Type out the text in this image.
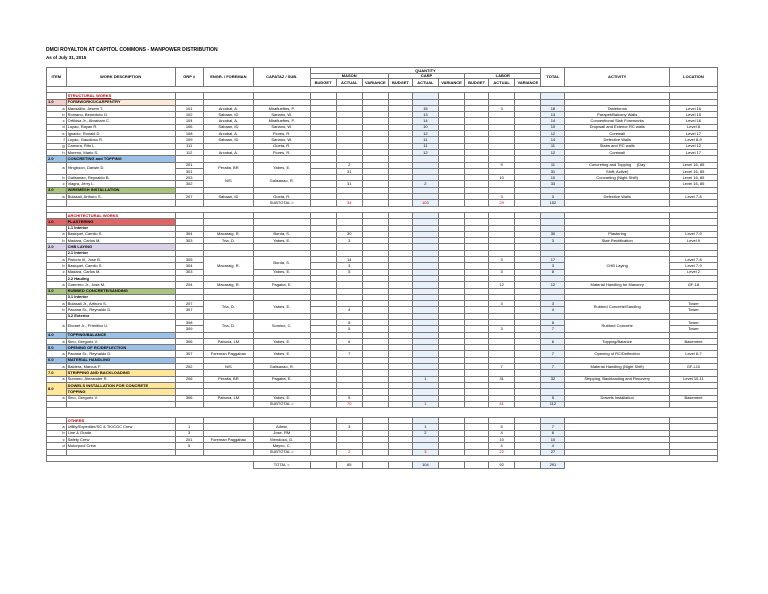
DMCI ROYALTON AT CAPITOL COMMONS - MANPOWER DISTRIBUTION
As of July 31, 2015
ITEM	WORK DESCRIPTION	GRP #	ENGR. / FOREMAN	CAPATAZ / SUB.	QUANTITY									TOTAL	ACTIVITY	LOCATION
					MASON			CARP			LABOR					
					BUDGET	ACTUAL	VARIANCE	BUDGET	ACTUAL	VARIANCE	BUDGET	ACTUAL	VARIANCE			

	STRUCTURAL WORKS															
1.0	FORMWORKS/CARPENTRY															
a	Mansalbo, Jesem T.	101	Arcobal, A.	Miraflueftes, P.					15			3		18	Tableforms	Level 16
b	Romano, Benedicto G.	102	Sabaan, ID	Sariano, W.					13					13	Parapet/Balcony Walls	Level 15
c	Orfilosa Jr., Abraham C.	104	Arcobal, A.	Miraflueftes, P.					14					14	Conventional Slab Formworks	Level 16
d	Luyao, Rayan R.	106	Sabaan, ID	Sariano, W.					10					10	Dropwall and Exterior RC walls	Level 8
e	Ignacio, Ronald D.	108	Arcobal, A.	Flores, R.					12					12	Corewall	Level 17
f	Luyao, Gaudioso R.	109	Sabaan, ID	Sariano, W.					11					14	Defective Walls	Level 8-9
g	Camora, Rito L.	111		Gueta, R.					11					11	Stairs and RC walls	Level 12
h	Moreno, Mario S.	112	Arcobal, A.	Flores, R.					12					12	Corewall	Level 17
2.0	CONCRETING and TOPPING															
a	Hingboon, Darwin D.	201	Peralta, BR	Yabes, E.		2						9		11	Concreting and Topping (Day	Level 16, 85
		301				31								31	Shift; Active)	Level 16, 85
b	Galisanao, Reynaldo B.	203	N/S	Galisanao, R.								10		10	Concreting (Night Shift)	Level 16, 85
c	Viagra, Jerry L.	302				31			2					33		Level 16, 85
3.0	WIREMESH INSTALLATION															
a	Bulasali, Arthuro S.	207	Sabaan, ID	Gueta, R.								3		3	Defective Walls	Level 7-8
				SUBTOTAL =		34			103			29		152		

	ARCHITECTURAL WORKS															
1.0	PLASTERING															
	1.1 Interior															
a	Basiquel, Camilo S.	304	Macaraig, R.	Borda, S.		30								30	Plastering	Level 7-9
b	Madara, Carlos M.	303	Tria, D.	Yabes, E.		3								3	Stair Rectification	Level 9
2.0	CHB LAYING															
	2.1 Interior															
a	Pistorio III, Jose B.	305	Macaraig, R.	Borda, S.		14						3		17	CHB Laying	Level 7-8
b	Basiquel, Camilo S.	304				3								3		Level 7-9
c	Madara, Carlos M.	303		Yabes, E.		5						3		8		Level 2
	2.2 Hauling															
a	Guerrero Jr., Jose M.	204	Macaraig, R.	Pagaba, E.								12		12	Material Handling for Masonry	GF-18
3.0	RUBBED CONCRETE/SANDING															
	3.1 Interior															
a	Bulasali Jr., Arthuro S.	207	Tria, D.	Yabes, E.								3		3	Rubbed Concrete/Sanding	Tower
b	Pacana Sr., Reynaldo D.	307				4								4		Tower
	3.2 Exterior															
a	Ebonet Jr., Primitivo U.	308	Tria, D.	Somino, C.		8								8	Rubbed Concrete	Tower
		309				5						3		7		Tower
4.0	TOPPING/BALANCE															
a	Sino, Gregorio V.	306	Pabuna, LM	Yabes, E.		6								6	Topping/Balance	Basement
5.0	OPENING OF RC/DEFLECTION															
a	Pacana Sr., Reynaldo D.	307	Foreman Paggabao	Yabes, E.		7								7	Opening of RC/Deflection	Level 6-7
6.0	MATERIAL HANDLING															
a	Baldera, Marcus F.	202	N/S	Galisanao, R.								7		7	Material Handling (Night Shift)	GF-L10
7.0	STRIPPING AND BACKLOADING															
a	Sumono, Alexander R.	206	Peralta, BR	Pagaba, E.					1			31		32	Stripping, Backloading and Recovery	Level 10-11
8.0	DOWELS INSTALLATION FOR CONCRETE															
	TOPPING															
a	Sino, Gregorio V.	306	Pabuna, LM	Yabes, E.		5								5	Dowels Installation	Basement
				SUBTOTAL =		70			1			41		112		

	OTHERS															
a	Utility/Expediter/SC & TK/CGC Crew	1		Admin		3			1			5		7		
b	Line & Grade	3		Jose, RM					2			4		6		
c	Safety Crew	201	Foreman Paggabao	Mendoza, G.								10		10		
d	Motorpool Crew	5		Mayco, C.								4		4		
				SUBTOTAL =		2			3			22		27		

				TOTAL =		85			104			92		291		
